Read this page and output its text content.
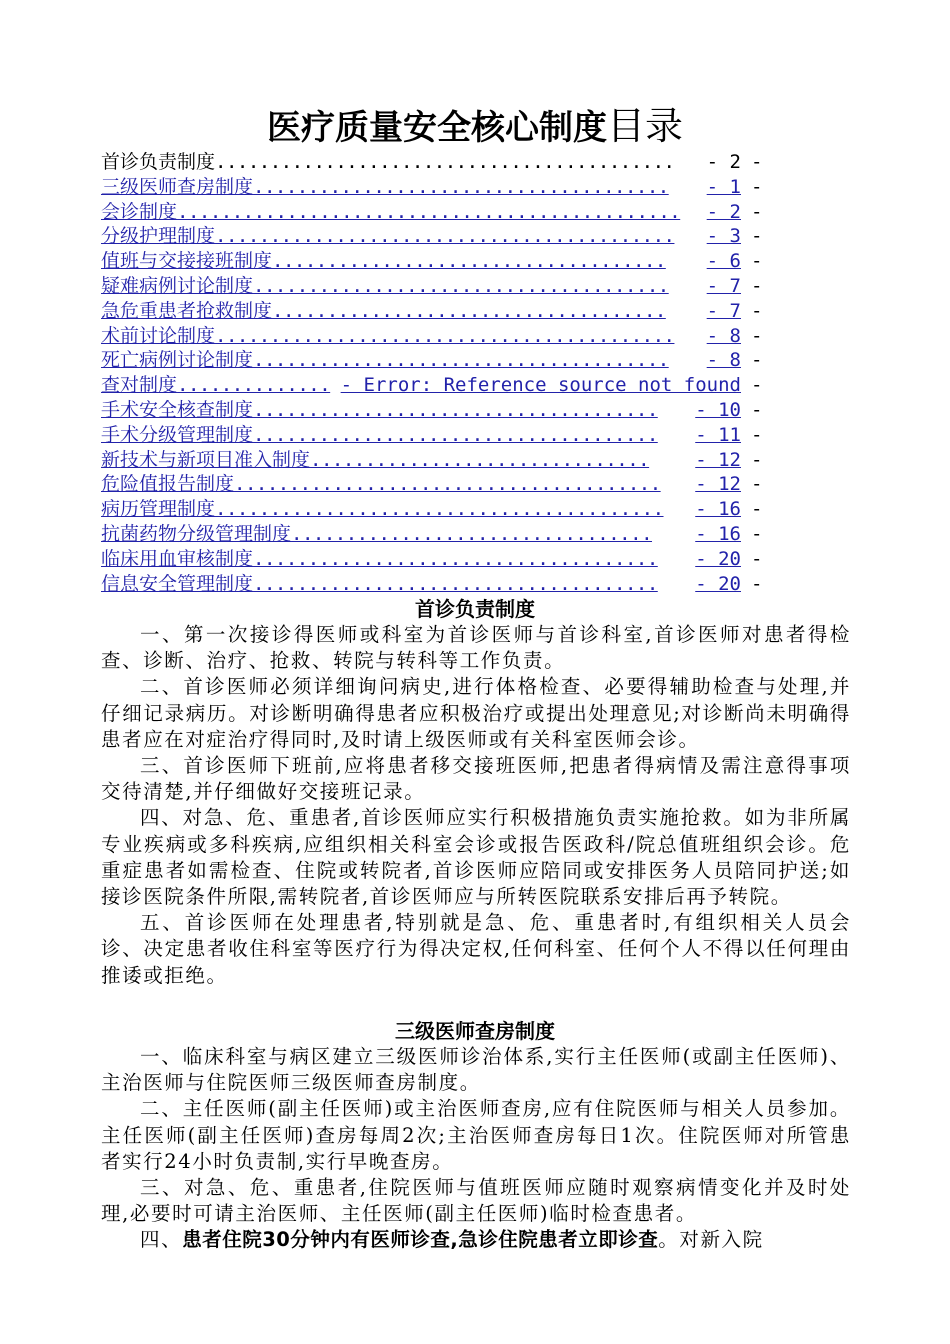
医疗质量安全核心制度目录
首诊负责制度 ..........................................	- 2 -
三级医师查房制度 ......................................	- 1 -
会诊制度 ..............................................	- 2 -
分级护理制度 ..........................................	- 3 -
值班与交接接班制度 ....................................	- 6 -
疑难病例讨论制度 ......................................	- 7 -
急危重患者抢救制度 ....................................	- 7 -
术前讨论制度 ..........................................	- 8 -
死亡病例讨论制度 ......................................	- 8 -
查对制度 .............. - Error: Reference source not found -
手术安全核查制度 .....................................	- 10 -
手术分级管理制度 .....................................	- 11 -
新技术与新项目准入制度 ...............................	- 12 -
危险值报告制度 .......................................	- 12 -
病历管理制度 .........................................	- 16 -
抗菌药物分级管理制度 .................................	- 16 -
临床用血审核制度 .....................................	- 20 -
信息安全管理制度 .....................................	- 20 -
首诊负责制度

一、第一次接诊得医师或科室为首诊医师与首诊科室,首诊医师对患者得检查、诊断、治疗、抢救、转院与转科等工作负责。

二、首诊医师必须详细询问病史,进行体格检查、必要得辅助检查与处理,并仔细记录病历。对诊断明确得患者应积极治疗或提出处理意见;对诊断尚未明确得患者应在对症治疗得同时,及时请上级医师或有关科室医师会诊。

三、首诊医师下班前,应将患者移交接班医师,把患者得病情及需注意得事项交待清楚,并仔细做好交接班记录。

四、对急、危、重患者,首诊医师应实行积极措施负责实施抢救。如为非所属专业疾病或多科疾病,应组织相关科室会诊或报告医政科/院总值班组织会诊。危重症患者如需检查、住院或转院者,首诊医师应陪同或安排医务人员陪同护送;如接诊医院条件所限,需转院者,首诊医师应与所转医院联系安排后再予转院。

五、首诊医师在处理患者,特别就是急、危、重患者时,有组织相关人员会诊、决定患者收住科室等医疗行为得决定权,任何科室、任何个人不得以任何理由推诿或拒绝。

三级医师查房制度

一、临床科室与病区建立三级医师诊治体系,实行主任医师(或副主任医师)、主治医师与住院医师三级医师查房制度。

二、主任医师(副主任医师)或主治医师查房,应有住院医师与相关人员参加。主任医师(副主任医师)查房每周2次;主治医师查房每日1次。住院医师对所管患者实行24小时负责制,实行早晚查房。

三、对急、危、重患者,住院医师与值班医师应随时观察病情变化并及时处理,必要时可请主治医师、主任医师(副主任医师)临时检查患者。

四、患者住院30分钟内有医师诊查,急诊住院患者立即诊查。对新入院
